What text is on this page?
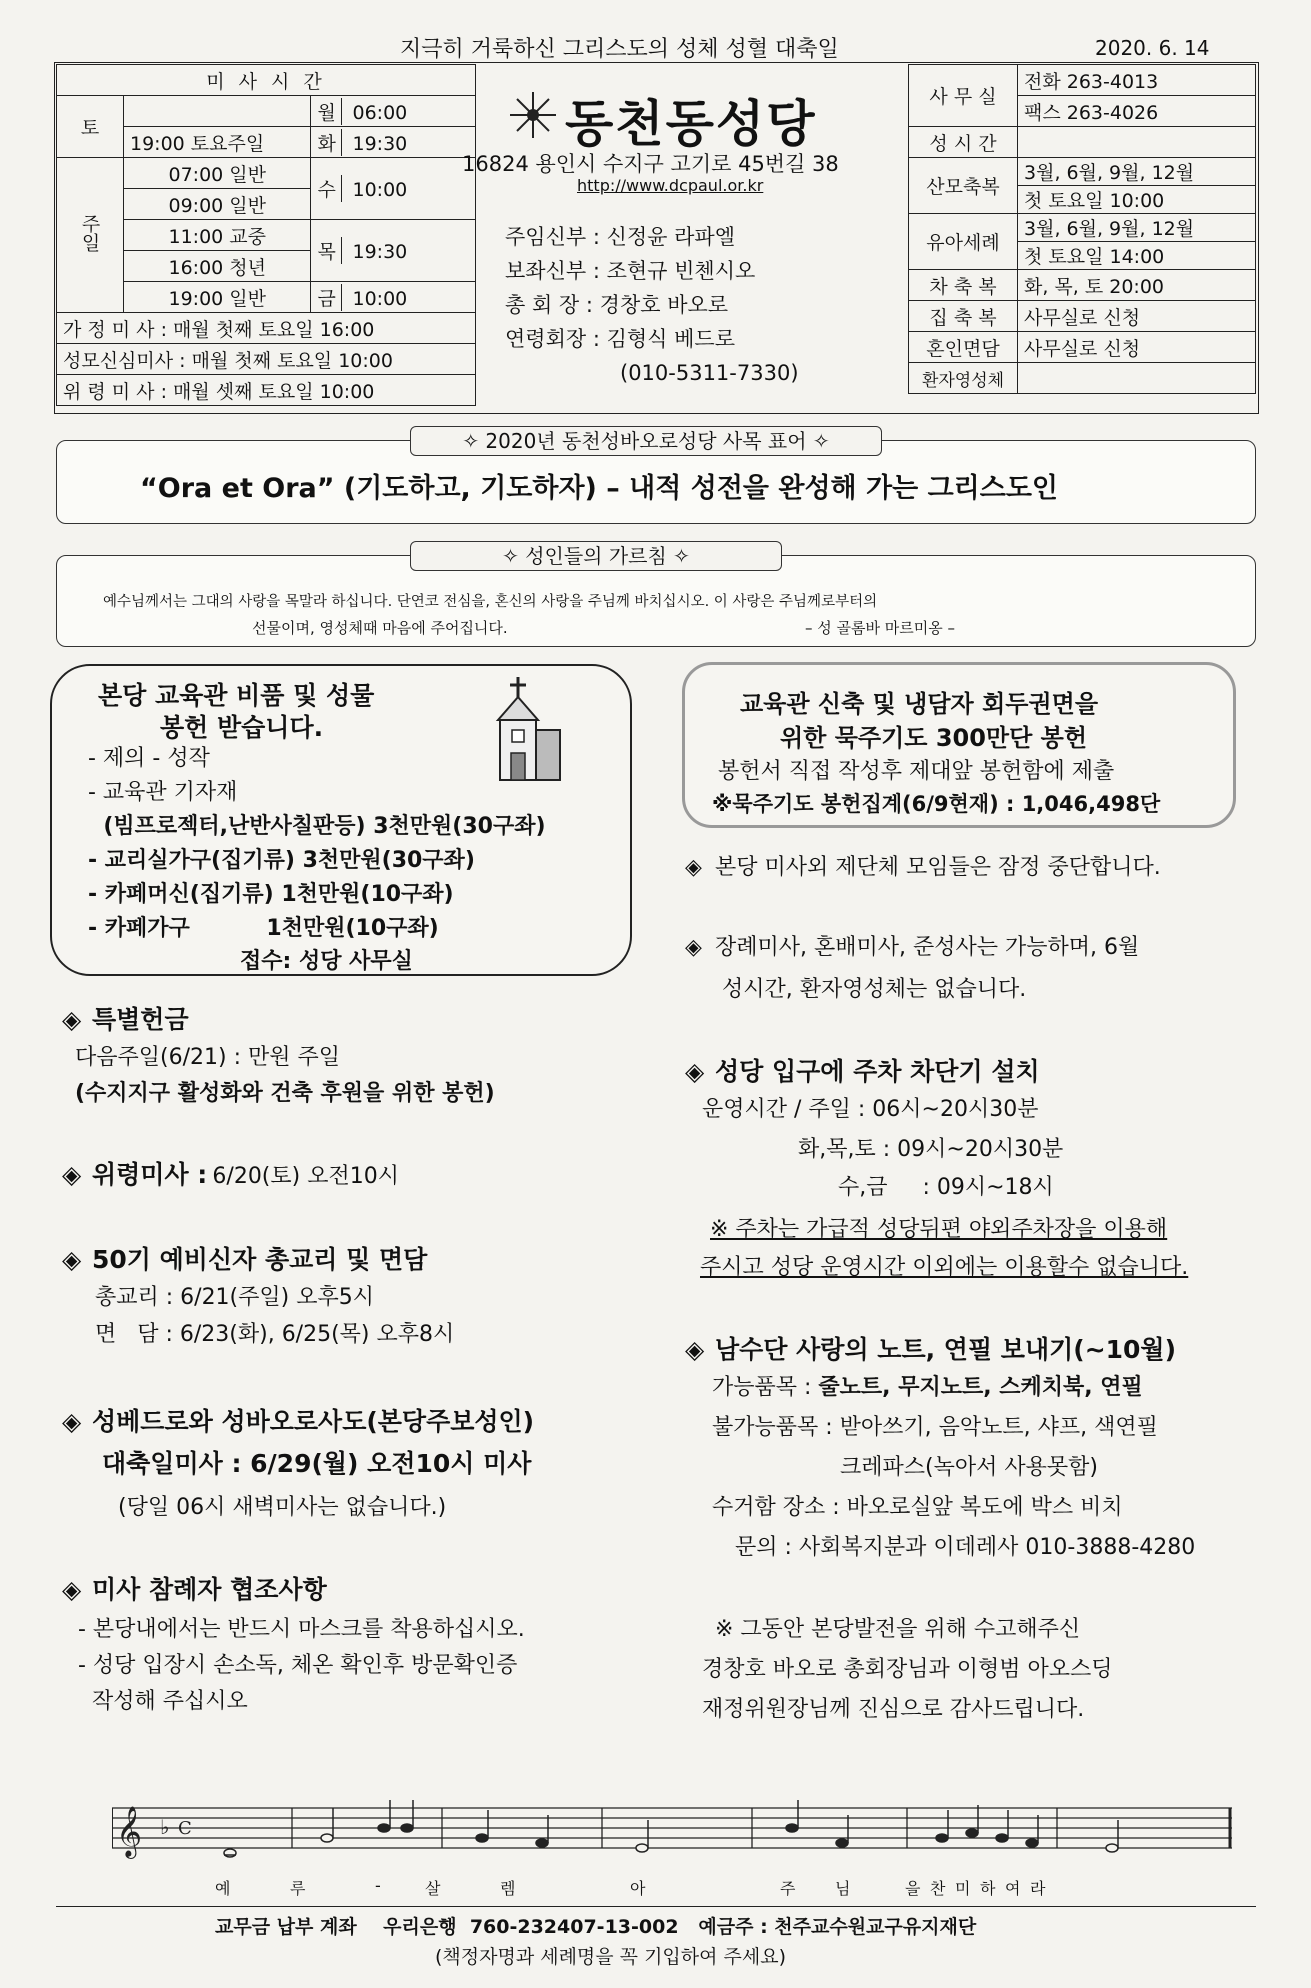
지극히 거룩하신 그리스도의 성체 성혈 대축일	2020. 6. 14
미 사 시 간		
토		월 06:00
	19:00 토요주일	화 19:30
주일	07:00 일반	수 10:00
	09:00 일반	
	11:00 교중	목 19:30
	16:00 청년	
	19:00 일반	금 10:00
가 정 미 사 : 매월 첫째 토요일 16:00		
성모신심미사 : 매월 첫째 토요일 10:00		
위 령 미 사 : 매월 셋째 토요일 10:00		
동천동성당
16824 용인시 수지구 고기로 45번길 38
http://www.dcpaul.or.kr
주임신부 : 신정윤 라파엘
보좌신부 : 조현규 빈첸시오
총 회 장 : 경창호 바오로
연령회장 : 김형식 베드로
(010-5311-7330)
사 무 실	전화 263-4013
	팩스 263-4026
성 시 간	
산모축복	3월, 6월, 9월, 12월
	첫 토요일 10:00
유아세례	3월, 6월, 9월, 12월
	첫 토요일 14:00
차 축 복	화, 목, 토 20:00
집 축 복	사무실로 신청
혼인면담	사무실로 신청
환자영성체	
✧ 2020년 동천성바오로성당 사목 표어 ✧
“Ora et Ora” (기도하고, 기도하자) – 내적 성전을 완성해 가는 그리스도인
✧ 성인들의 가르침 ✧
예수님께서는 그대의 사랑을 목말라 하십니다. 단연코 전심을, 혼신의 사랑을 주님께 바치십시오. 이 사랑은 주님께로부터의
선물이며, 영성체때 마음에 주어집니다.	– 성 골롬바 마르미옹 –
본당 교육관 비품 및 성물
봉헌 받습니다.
- 제의 - 성작
- 교육관 기자재
(빔프로젝터,난반사칠판등) 3천만원(30구좌)
- 교리실가구(집기류) 3천만원(30구좌)
- 카페머신(집기류) 1천만원(10구좌)
- 카페가구          1천만원(10구좌)
접수: 성당 사무실
교육관 신축 및 냉담자 회두권면을
위한 묵주기도 300만단 봉헌
봉헌서 직접 작성후 제대앞 봉헌함에 제출
※묵주기도 봉헌집계(6/9현재) : 1,046,498단
◈ 특별헌금
다음주일(6/21) : 만원 주일
(수지지구 활성화와 건축 후원을 위한 봉헌)
◈ 위령미사 : 6/20(토) 오전10시
◈ 50기 예비신자 총교리 및 면담
총교리 : 6/21(주일) 오후5시
면   담 : 6/23(화), 6/25(목) 오후8시
◈ 성베드로와 성바오로사도(본당주보성인)
대축일미사 : 6/29(월) 오전10시 미사
(당일 06시 새벽미사는 없습니다.)
◈ 미사 참례자 협조사항
- 본당내에서는 반드시 마스크를 착용하십시오.
- 성당 입장시 손소독, 체온 확인후 방문확인증
작성해 주십시오
◈ 본당 미사외 제단체 모임들은 잠정 중단합니다.
◈ 장례미사, 혼배미사, 준성사는 가능하며, 6월
성시간, 환자영성체는 없습니다.
◈ 성당 입구에 주차 차단기 설치
운영시간 / 주일 : 06시~20시30분
화,목,토 : 09시~20시30분
수,금     : 09시~18시
※ 주차는 가급적 성당뒤편 야외주차장을 이용해
주시고 성당 운영시간 이외에는 이용할수 없습니다.
◈ 남수단 사랑의 노트, 연필 보내기(~10월)
가능품목 : 줄노트, 무지노트, 스케치북, 연필
불가능품목 : 받아쓰기, 음악노트, 샤프, 색연필
크레파스(녹아서 사용못함)
수거함 장소 : 바오로실앞 복도에 박스 비치
문의 : 사회복지분과 이데레사 010-3888-4280
※ 그동안 본당발전을 위해 수고해주신
경창호 바오로 총회장님과 이형범 아오스딩
재정위원장님께 진심으로 감사드립니다.
𝄞 ♭ C
예	루	-	살	렘	아	주 님	을 찬 미 하 여 라
교무금 납부 계좌    우리은행  760-232407-13-002   예금주 : 천주교수원교구유지재단
(책정자명과 세례명을 꼭 기입하여 주세요)
